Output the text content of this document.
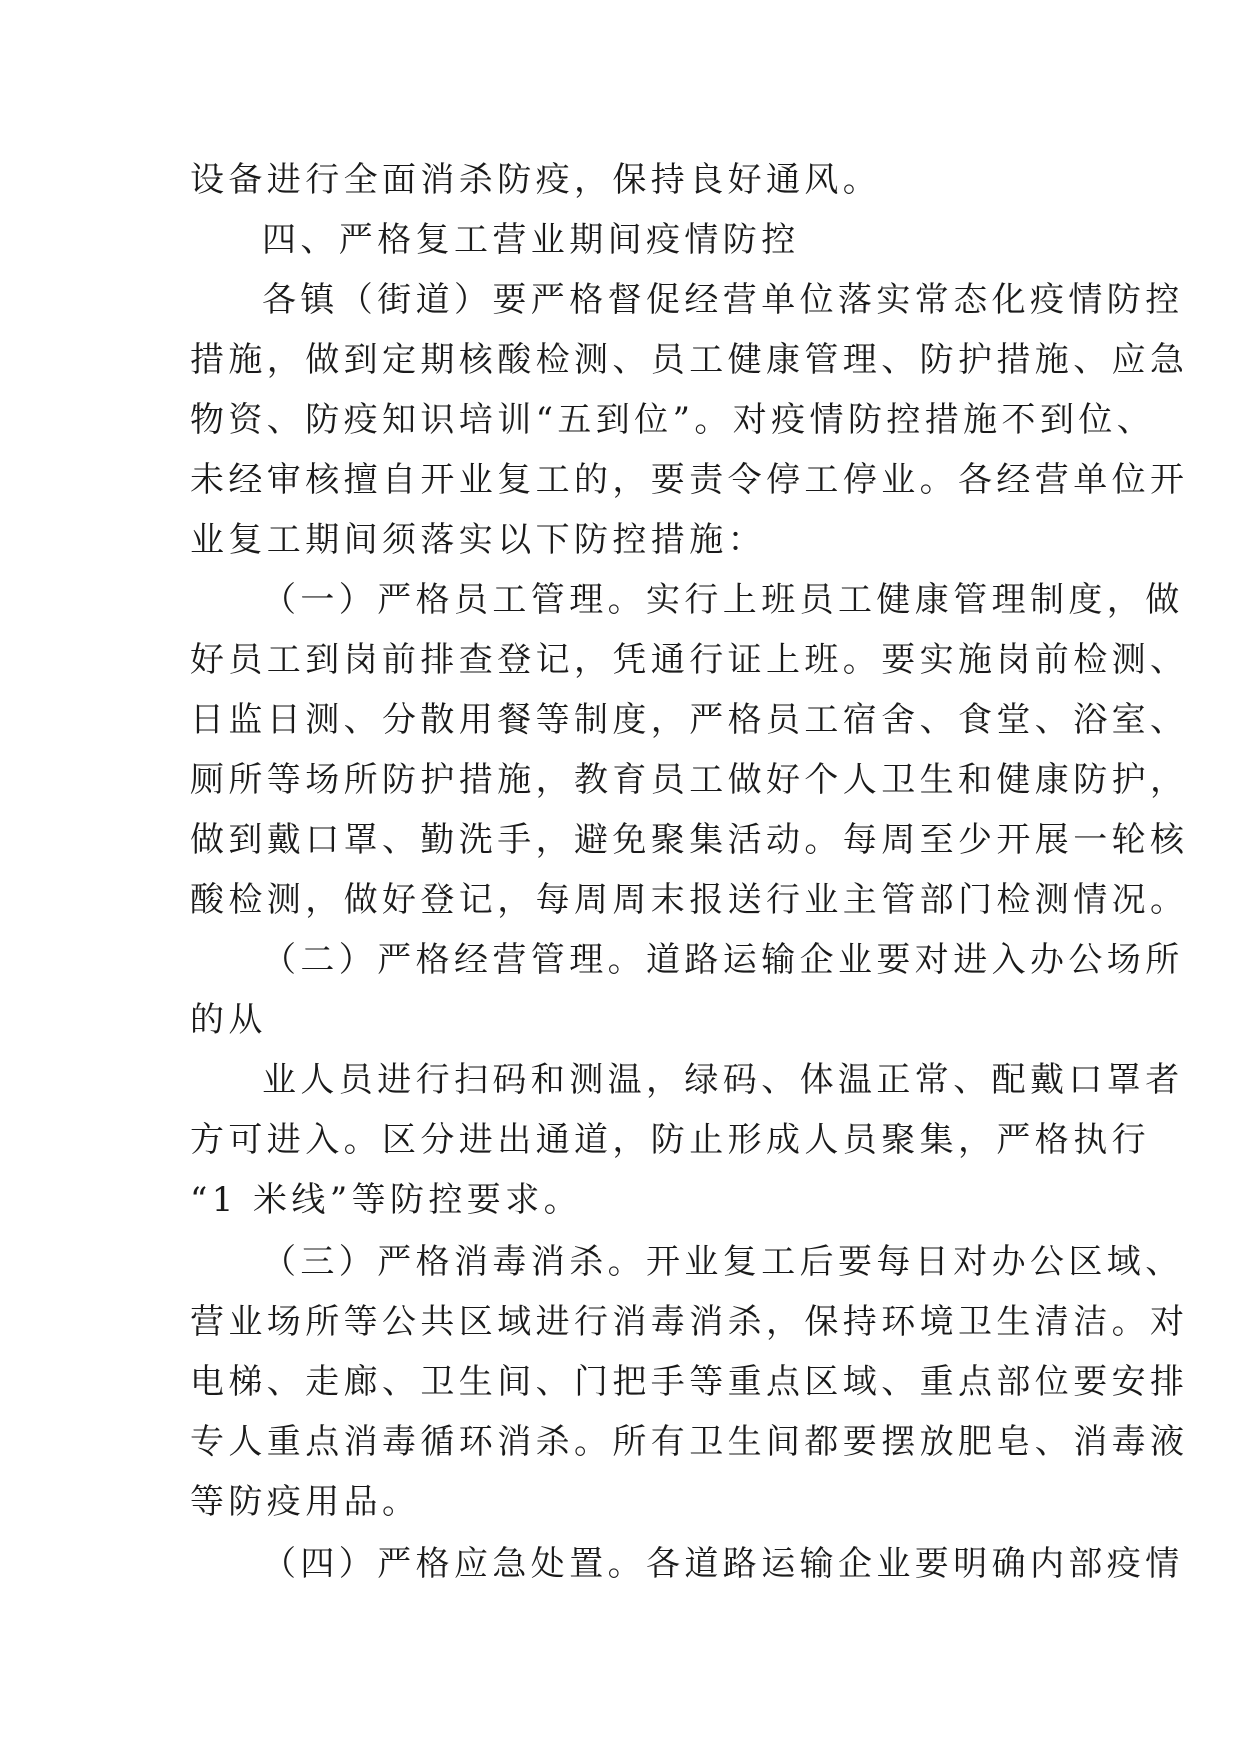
设备进行全面消杀防疫，保持良好通风。
四、严格复工营业期间疫情防控
各镇（街道）要严格督促经营单位落实常态化疫情防控
措施，做到定期核酸检测、员工健康管理、防护措施、应急
物资、防疫知识培训“五到位”。对疫情防控措施不到位、
未经审核擅自开业复工的，要责令停工停业。各经营单位开
业复工期间须落实以下防控措施：
（一）严格员工管理。实行上班员工健康管理制度，做
好员工到岗前排查登记，凭通行证上班。要实施岗前检测、
日监日测、分散用餐等制度，严格员工宿舍、食堂、浴室、
厕所等场所防护措施，教育员工做好个人卫生和健康防护，
做到戴口罩、勤洗手，避免聚集活动。每周至少开展一轮核
酸检测，做好登记，每周周末报送行业主管部门检测情况。
（二）严格经营管理。道路运输企业要对进入办公场所
的从
业人员进行扫码和测温，绿码、体温正常、配戴口罩者
方可进入。区分进出通道，防止形成人员聚集，严格执行
“1 米线”等防控要求。
（三）严格消毒消杀。开业复工后要每日对办公区域、
营业场所等公共区域进行消毒消杀，保持环境卫生清洁。对
电梯、走廊、卫生间、门把手等重点区域、重点部位要安排
专人重点消毒循环消杀。所有卫生间都要摆放肥皂、消毒液
等防疫用品。
（四）严格应急处置。各道路运输企业要明确内部疫情
